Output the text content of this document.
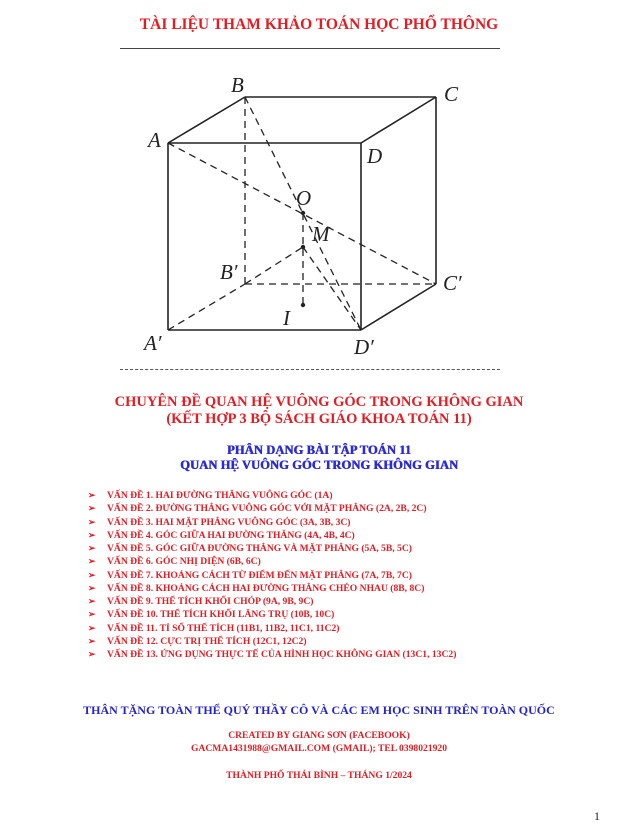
TÀI LIỆU THAM KHẢO TOÁN HỌC PHỔ THÔNG
B	C
A
D
O
M
B′	C′
I
A′	D′
CHUYÊN ĐỀ QUAN HỆ VUÔNG GÓC TRONG KHÔNG GIAN
(KẾT HỢP 3 BỘ SÁCH GIÁO KHOA TOÁN 11)
PHÂN DẠNG BÀI TẬP TOÁN 11
QUAN HỆ VUÔNG GÓC TRONG KHÔNG GIAN
➢ VẤN ĐỀ 1. HAI ĐƯỜNG THẲNG VUÔNG GÓC (1A)
➢ VẤN ĐỀ 2. ĐƯỜNG THẲNG VUÔNG GÓC VỚI MẶT PHẲNG (2A, 2B, 2C)
➢ VẤN ĐỀ 3. HAI MẶT PHẲNG VUÔNG GÓC (3A, 3B, 3C)
➢ VẤN ĐỀ 4. GÓC GIỮA HAI ĐƯỜNG THẲNG (4A, 4B, 4C)
➢ VẤN ĐỀ 5. GÓC GIỮA ĐƯỜNG THẲNG VÀ MẶT PHẲNG (5A, 5B, 5C)
➢ VẤN ĐỀ 6. GÓC NHỊ DIỆN (6B, 6C)
➢ VẤN ĐỀ 7. KHOẢNG CÁCH TỪ ĐIỂM ĐẾN MẶT PHẲNG (7A, 7B, 7C)
➢ VẤN ĐỀ 8. KHOẢNG CÁCH HAI ĐƯỜNG THẲNG CHÉO NHAU (8B, 8C)
➢ VẤN ĐỀ 9. THỂ TÍCH KHỐI CHÓP (9A, 9B, 9C)
➢ VẤN ĐỀ 10. THỂ TÍCH KHỐI LĂNG TRỤ (10B, 10C)
➢ VẤN ĐỀ 11. TỈ SỐ THỂ TÍCH (11B1, 11B2, 11C1, 11C2)
➢ VẤN ĐỀ 12. CỰC TRỊ THỂ TÍCH (12C1, 12C2)
➢ VẤN ĐỀ 13. ỨNG DỤNG THỰC TẾ CỦA HÌNH HỌC KHÔNG GIAN (13C1, 13C2)
THÂN TẶNG TOÀN THỂ QUÝ THẦY CÔ VÀ CÁC EM HỌC SINH TRÊN TOÀN QUỐC
CREATED BY GIANG SƠN (FACEBOOK)
GACMA1431988@GMAIL.COM (GMAIL); TEL 0398021920
THÀNH PHỐ THÁI BÌNH – THÁNG 1/2024
1
